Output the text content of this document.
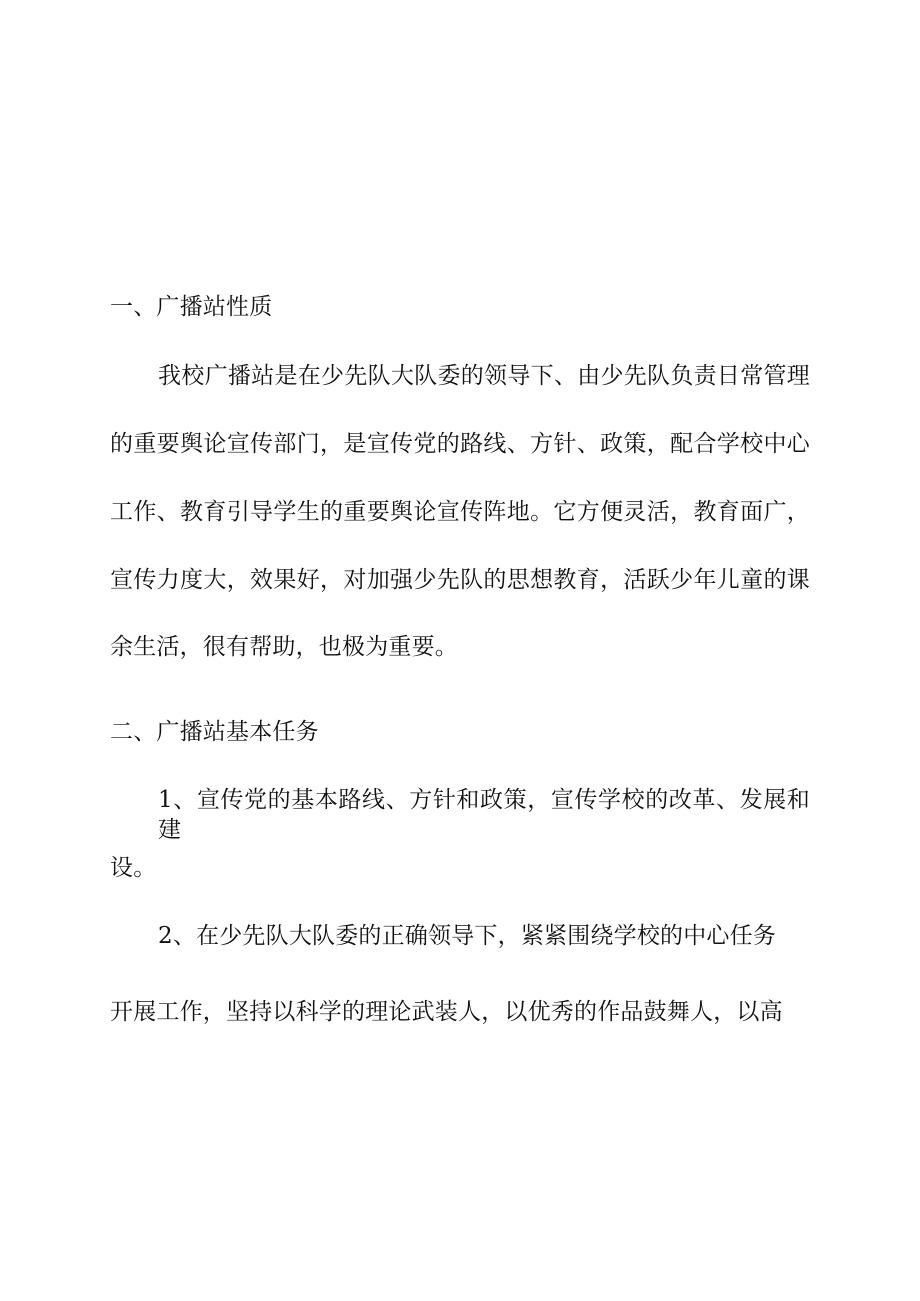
一、广播站性质
我校广播站是在少先队大队委的领导下、由少先队负责日常管理
的重要舆论宣传部门，是宣传党的路线、方针、政策，配合学校中心
工作、教育引导学生的重要舆论宣传阵地。它方便灵活，教育面广，
宣传力度大，效果好，对加强少先队的思想教育，活跃少年儿童的课
余生活，很有帮助，也极为重要。
二、广播站基本任务
1、宣传党的基本路线、方针和政策，宣传学校的改革、发展和建
设。
2、在少先队大队委的正确领导下，紧紧围绕学校的中心任务
开展工作，坚持以科学的理论武装人，以优秀的作品鼓舞人，以高
